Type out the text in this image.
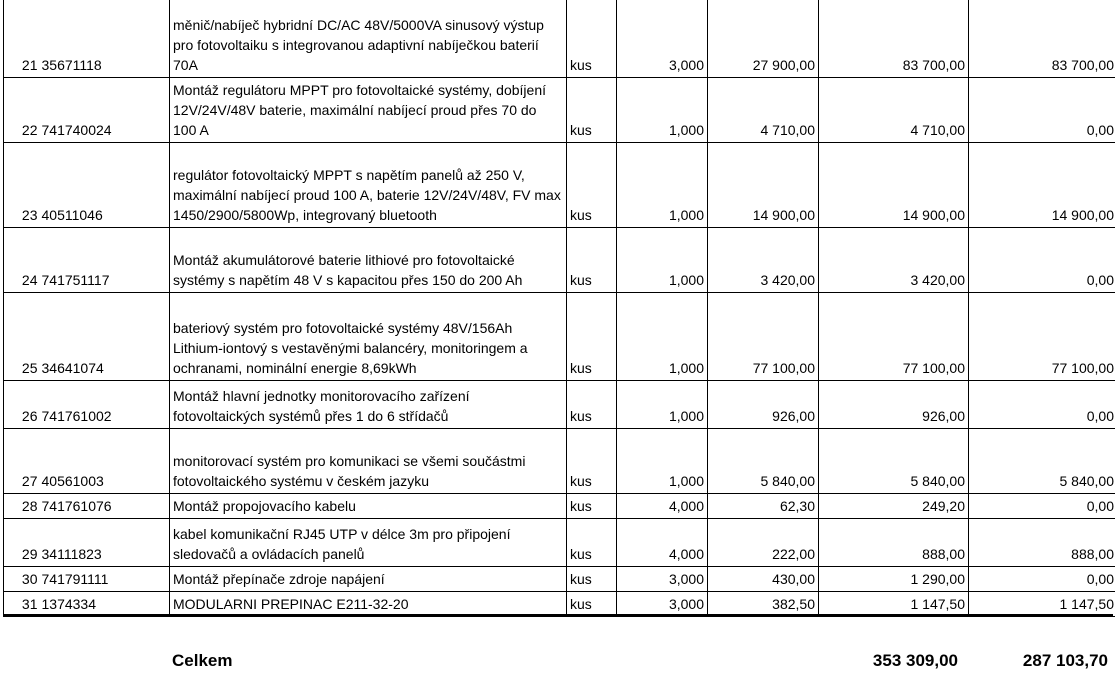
21	35671118	měnič/nabíječ hybridní DC/AC 48V/5000VA sinusový výstup pro fotovoltaiku s integrovanou adaptivní nabíječkou baterií 70A	kus	3,000	27 900,00	83 700,00	83 700,00
22	741740024	Montáž regulátoru MPPT pro fotovoltaické systémy, dobíjení 12V/24V/48V baterie, maximální nabíjecí proud přes 70 do 100 A	kus	1,000	4 710,00	4 710,00	0,00
23	40511046	regulátor fotovoltaický MPPT s napětím panelů až 250 V, maximální nabíjecí proud 100 A, baterie 12V/24V/48V, FV max 1450/2900/5800Wp, integrovaný bluetooth	kus	1,000	14 900,00	14 900,00	14 900,00
24	741751117	Montáž akumulátorové baterie lithiové pro fotovoltaické systémy s napětím 48 V s kapacitou přes 150 do 200 Ah	kus	1,000	3 420,00	3 420,00	0,00
25	34641074	bateriový systém pro fotovoltaické systémy 48V/156Ah Lithium-iontový s vestavěnými balancéry, monitoringem a ochranami, nominální energie 8,69kWh	kus	1,000	77 100,00	77 100,00	77 100,00
26	741761002	Montáž hlavní jednotky monitorovacího zařízení fotovoltaických systémů přes 1 do 6 střídačů	kus	1,000	926,00	926,00	0,00
27	40561003	monitorovací systém pro komunikaci se všemi součástmi fotovoltaického systému v českém jazyku	kus	1,000	5 840,00	5 840,00	5 840,00
28	741761076	Montáž propojovacího kabelu	kus	4,000	62,30	249,20	0,00
29	34111823	kabel komunikační RJ45 UTP v délce 3m pro připojení sledovačů a ovládacích panelů	kus	4,000	222,00	888,00	888,00
30	741791111	Montáž přepínače zdroje napájení	kus	3,000	430,00	1 290,00	0,00
31	1374334	MODULARNI PREPINAC E211-32-20	kus	3,000	382,50	1 147,50	1 147,50
Celkem	353 309,00	287 103,70
